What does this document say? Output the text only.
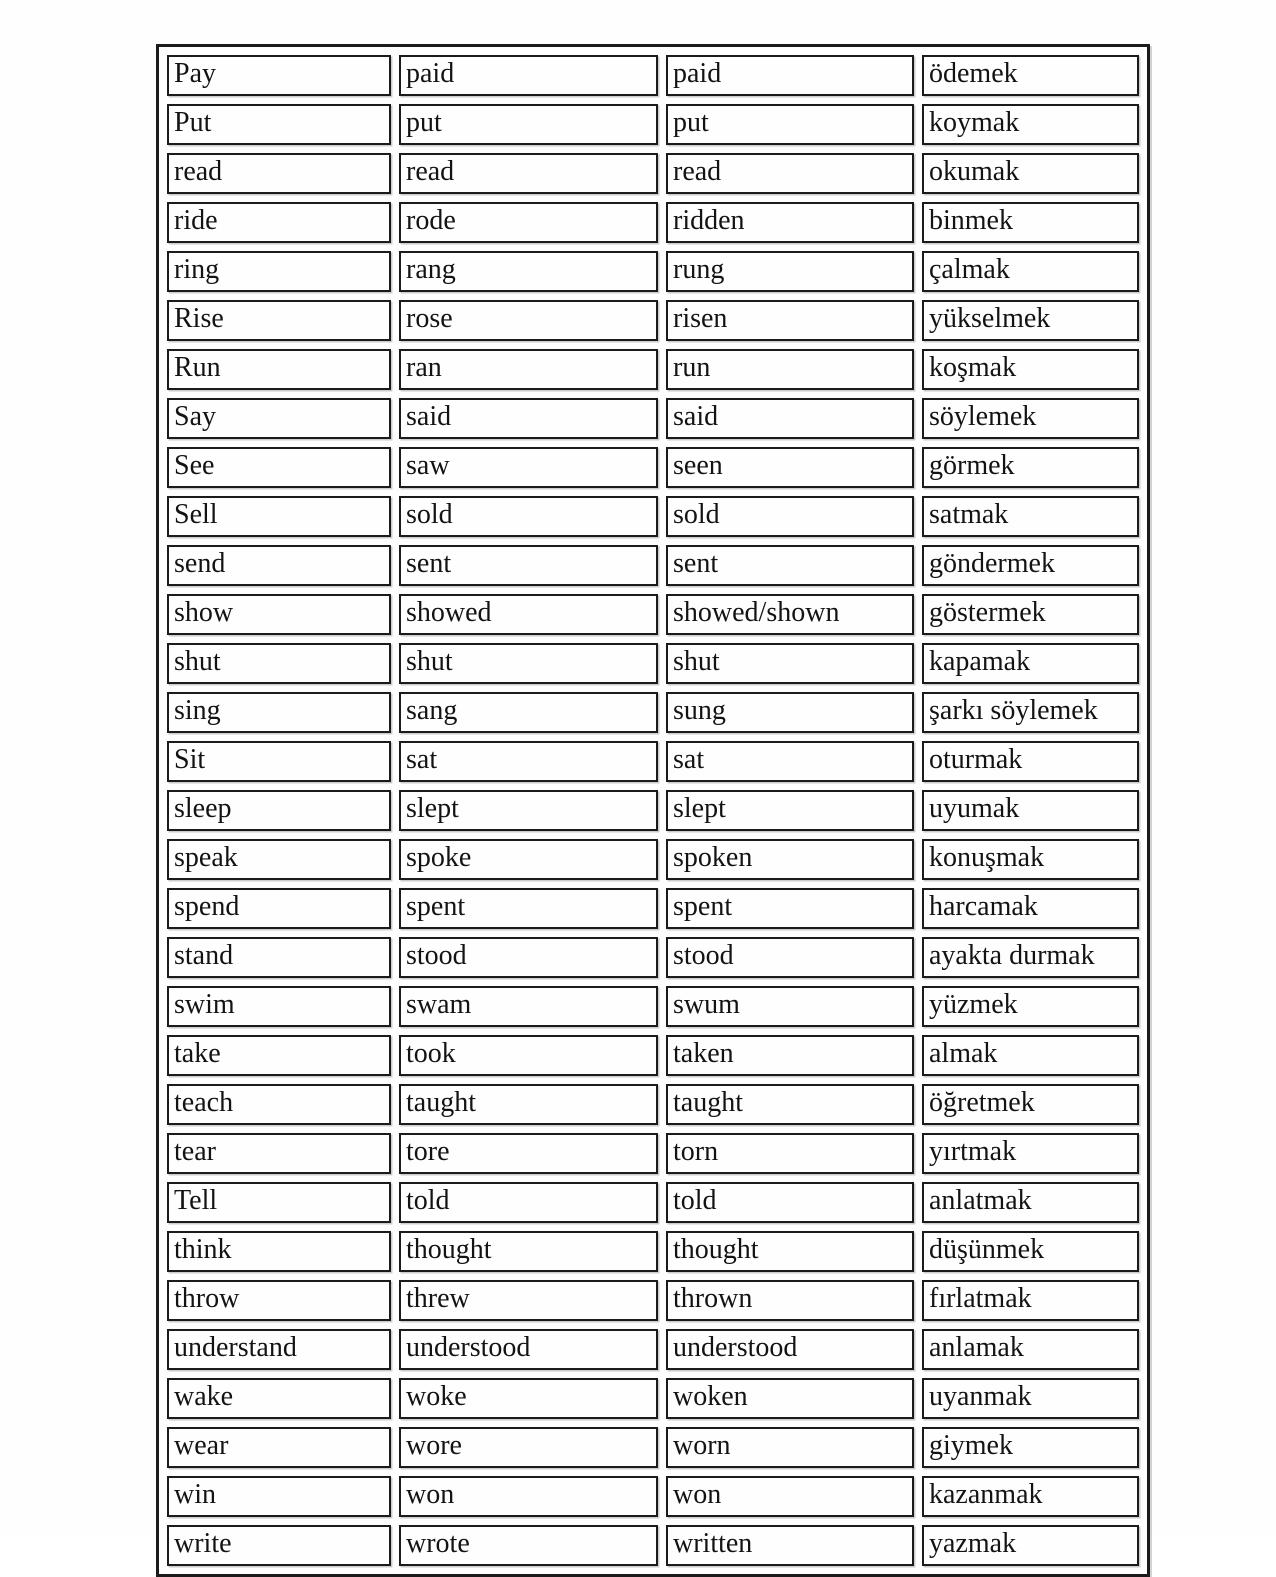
Pay	paid	paid	ödemek
Put	put	put	koymak
read	read	read	okumak
ride	rode	ridden	binmek
ring	rang	rung	çalmak
Rise	rose	risen	yükselmek
Run	ran	run	koşmak
Say	said	said	söylemek
See	saw	seen	görmek
Sell	sold	sold	satmak
send	sent	sent	göndermek
show	showed	showed/shown	göstermek
shut	shut	shut	kapamak
sing	sang	sung	şarkı söylemek
Sit	sat	sat	oturmak
sleep	slept	slept	uyumak
speak	spoke	spoken	konuşmak
spend	spent	spent	harcamak
stand	stood	stood	ayakta durmak
swim	swam	swum	yüzmek
take	took	taken	almak
teach	taught	taught	öğretmek
tear	tore	torn	yırtmak
Tell	told	told	anlatmak
think	thought	thought	düşünmek
throw	threw	thrown	fırlatmak
understand	understood	understood	anlamak
wake	woke	woken	uyanmak
wear	wore	worn	giymek
win	won	won	kazanmak
write	wrote	written	yazmak
